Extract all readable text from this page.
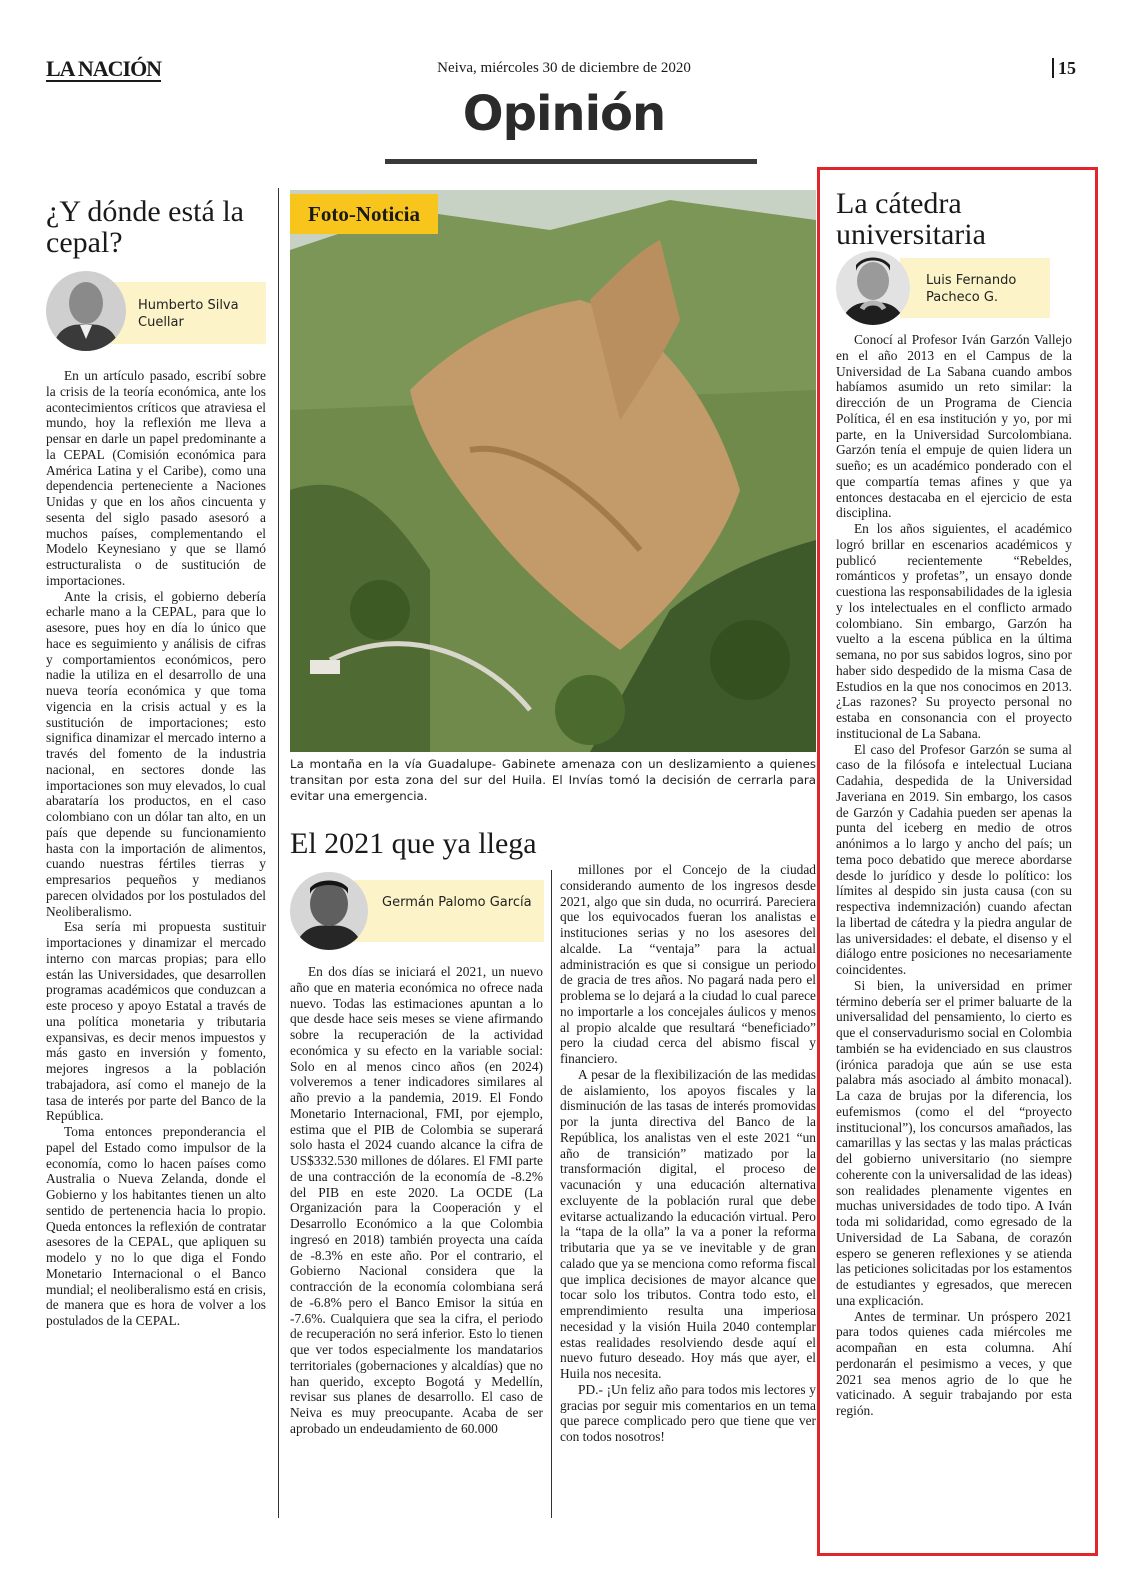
LA NACIÓN	Neiva, miércoles 30 de diciembre de 2020	15
Opinión
¿Y dónde está la cepal?
Humberto Silva Cuellar

En un artículo pasado, escribí sobre la crisis de la teoría económica, ante los acontecimientos críticos que atraviesa el mundo, hoy la reflexión me lleva a pensar en darle un papel predominante a la CEPAL (Comisión económica para América Latina y el Caribe), como una dependencia perteneciente a Naciones Unidas y que en los años cincuenta y sesenta del siglo pasado asesoró a muchos países, complementando el Modelo Keynesiano y que se llamó estructuralista o de sustitución de importaciones.

Ante la crisis, el gobierno debería echarle mano a la CEPAL, para que lo asesore, pues hoy en día lo único que hace es seguimiento y análisis de cifras y comportamientos económicos, pero nadie la utiliza en el desarrollo de una nueva teoría económica y que toma vigencia en la crisis actual y es la sustitución de importaciones; esto significa dinamizar el mercado interno a través del fomento de la industria nacional, en sectores donde las importaciones son muy elevados, lo cual abarataría los productos, en el caso colombiano con un dólar tan alto, en un país que depende su funcionamiento hasta con la importación de alimentos, cuando nuestras fértiles tierras y empresarios pequeños y medianos parecen olvidados por los postulados del Neoliberalismo.

Esa sería mi propuesta sustituir importaciones y dinamizar el mercado interno con marcas propias; para ello están las Universidades, que desarrollen programas académicos que conduzcan a este proceso y apoyo Estatal a través de una política monetaria y tributaria expansivas, es decir menos impuestos y más gasto en inversión y fomento, mejores ingresos a la población trabajadora, así como el manejo de la tasa de interés por parte del Banco de la República.

Toma entonces preponderancia el papel del Estado como impulsor de la economía, como lo hacen países como Australia o Nueva Zelanda, donde el Gobierno y los habitantes tienen un alto sentido de pertenencia hacia lo propio. Queda entonces la reflexión de contratar asesores de la CEPAL, que apliquen su modelo y no lo que diga el Fondo Monetario Internacional o el Banco mundial; el neoliberalismo está en crisis, de manera que es hora de volver a los postulados de la CEPAL.

Foto-Noticia
La montaña en la vía Guadalupe- Gabinete amenaza con un deslizamiento a quienes transitan por esta zona del sur del Huila. El Invías tomó la decisión de cerrarla para evitar una emergencia.
El 2021 que ya llega
Germán Palomo García

En dos días se iniciará el 2021, un nuevo año que en materia económica no ofrece nada nuevo. Todas las estimaciones apuntan a lo que desde hace seis meses se viene afirmando sobre la recuperación de la actividad económica y su efecto en la variable social: Solo en al menos cinco años (en 2024) volveremos a tener indicadores similares al año previo a la pandemia, 2019. El Fondo Monetario Internacional, FMI, por ejemplo, estima que el PIB de Colombia se superará solo hasta el 2024 cuando alcance la cifra de US$332.530 millones de dólares. El FMI parte de una contracción de la economía de -8.2% del PIB en este 2020. La OCDE (La Organización para la Cooperación y el Desarrollo Económico a la que Colombia ingresó en 2018) también proyecta una caída de -8.3% en este año. Por el contrario, el Gobierno Nacional considera que la contracción de la economía colombiana será de -6.8% pero el Banco Emisor la sitúa en -7.6%. Cualquiera que sea la cifra, el periodo de recuperación no será inferior. Esto lo tienen que ver todos especialmente los mandatarios territoriales (gobernaciones y alcaldías) que no han querido, excepto Bogotá y Medellín, revisar sus planes de desarrollo. El caso de Neiva es muy preocupante. Acaba de ser aprobado un endeudamiento de 60.000

millones por el Concejo de la ciudad considerando aumento de los ingresos desde 2021, algo que sin duda, no ocurrirá. Pareciera que los equivocados fueran los analistas e instituciones serias y no los asesores del alcalde. La “ventaja” para la actual administración es que si consigue un periodo de gracia de tres años. No pagará nada pero el problema se lo dejará a la ciudad lo cual parece no importarle a los concejales áulicos y menos al propio alcalde que resultará “beneficiado” pero la ciudad cerca del abismo fiscal y financiero.

A pesar de la flexibilización de las medidas de aislamiento, los apoyos fiscales y la disminución de las tasas de interés promovidas por la junta directiva del Banco de la República, los analistas ven el este 2021 “un año de transición” matizado por la transformación digital, el proceso de vacunación y una educación alternativa excluyente de la población rural que debe evitarse actualizando la educación virtual. Pero la “tapa de la olla” la va a poner la reforma tributaria que ya se ve inevitable y de gran calado que ya se menciona como reforma fiscal que implica decisiones de mayor alcance que tocar solo los tributos. Contra todo esto, el emprendimiento resulta una imperiosa necesidad y la visión Huila 2040 contemplar estas realidades resolviendo desde aquí el nuevo futuro deseado. Hoy más que ayer, el Huila nos necesita.

PD.- ¡Un feliz año para todos mis lectores y gracias por seguir mis comentarios en un tema que parece complicado pero que tiene que ver con todos nosotros!

La cátedra universitaria
Luis Fernando Pacheco G.

Conocí al Profesor Iván Garzón Vallejo en el año 2013 en el Campus de la Universidad de La Sabana cuando ambos habíamos asumido un reto similar: la dirección de un Programa de Ciencia Política, él en esa institución y yo, por mi parte, en la Universidad Surcolombiana. Garzón tenía el empuje de quien lidera un sueño; es un académico ponderado con el que compartía temas afines y que ya entonces destacaba en el ejercicio de esta disciplina.

En los años siguientes, el académico logró brillar en escenarios académicos y publicó recientemente “Rebeldes, románticos y profetas”, un ensayo donde cuestiona las responsabilidades de la iglesia y los intelectuales en el conflicto armado colombiano. Sin embargo, Garzón ha vuelto a la escena pública en la última semana, no por sus sabidos logros, sino por haber sido despedido de la misma Casa de Estudios en la que nos conocimos en 2013. ¿Las razones? Su proyecto personal no estaba en consonancia con el proyecto institucional de La Sabana.

El caso del Profesor Garzón se suma al caso de la filósofa e intelectual Luciana Cadahia, despedida de la Universidad Javeriana en 2019. Sin embargo, los casos de Garzón y Cadahia pueden ser apenas la punta del iceberg en medio de otros anónimos a lo largo y ancho del país; un tema poco debatido que merece abordarse desde lo jurídico y desde lo político: los límites al despido sin justa causa (con su respectiva indemnización) cuando afectan la libertad de cátedra y la piedra angular de las universidades: el debate, el disenso y el diálogo entre posiciones no necesariamente coincidentes.

Si bien, la universidad en primer término debería ser el primer baluarte de la universalidad del pensamiento, lo cierto es que el conservadurismo social en Colombia también se ha evidenciado en sus claustros (irónica paradoja que aún se use esta palabra más asociado al ámbito monacal). La caza de brujas por la diferencia, los eufemismos (como el del “proyecto institucional”), los concursos amañados, las camarillas y las sectas y las malas prácticas del gobierno universitario (no siempre coherente con la universalidad de las ideas) son realidades plenamente vigentes en muchas universidades de todo tipo. A Iván toda mi solidaridad, como egresado de la Universidad de La Sabana, de corazón espero se generen reflexiones y se atienda las peticiones solicitadas por los estamentos de estudiantes y egresados, que merecen una explicación.

Antes de terminar. Un próspero 2021 para todos quienes cada miércoles me acompañan en esta columna. Ahí perdonarán el pesimismo a veces, y que 2021 sea menos agrio de lo que he vaticinado. A seguir trabajando por esta región.
